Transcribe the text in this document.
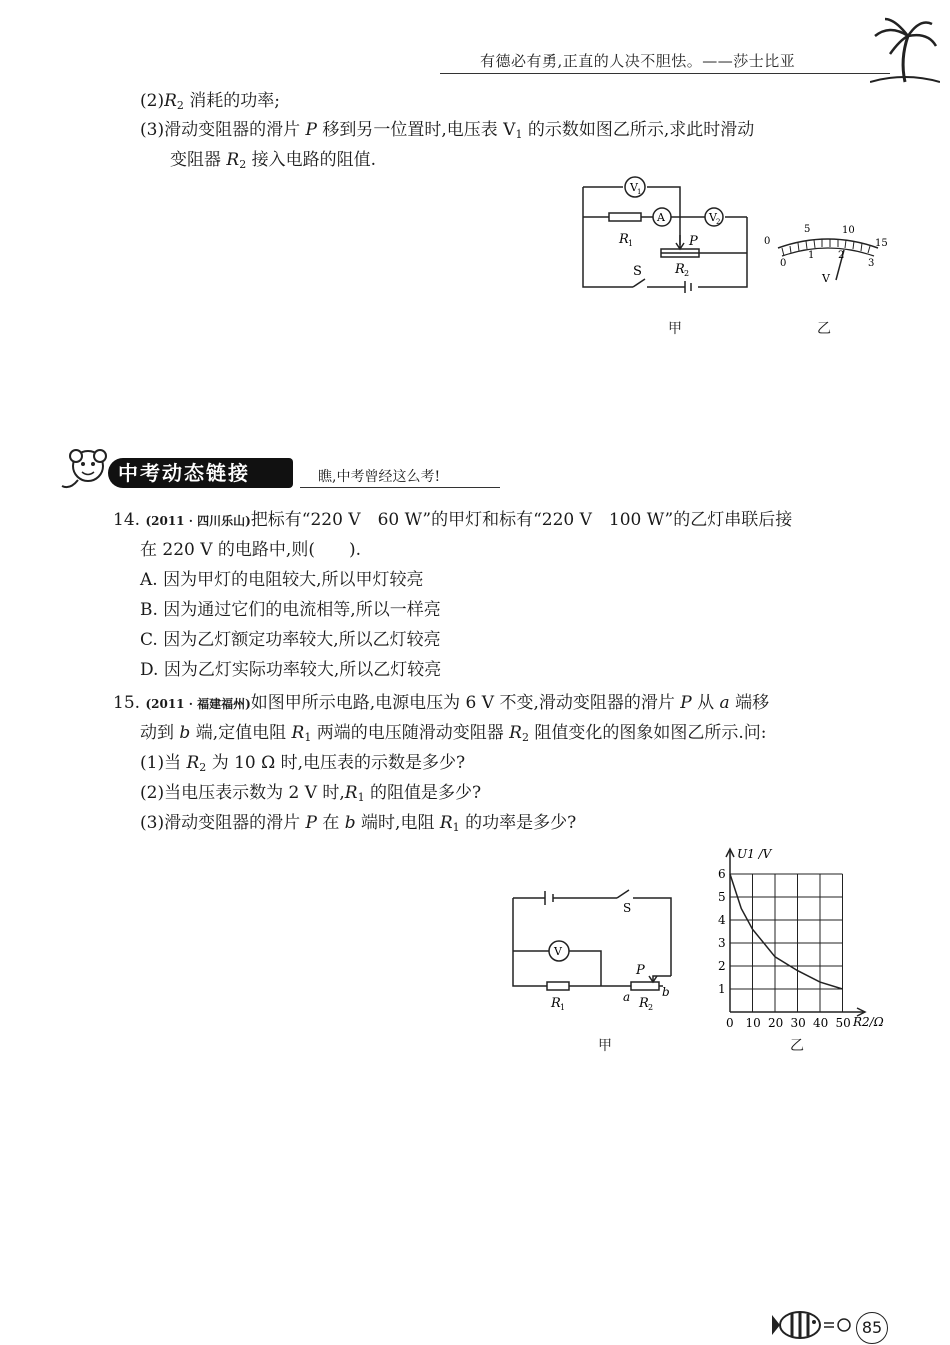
有德必有勇,正直的人决不胆怯。——莎士比亚
$(2)R_2$ 消耗的功率;
(3)滑动变阻器的滑片 P 移到另一位置时,电压表 $V_1$ 的示数如图乙所示,求此时滑动
变阻器 $R_2$ 接入电路的阻值.
V 1
A	V 2
R 1	P
R 2
S
0
5	10
15
0
1 2
3
V
甲	乙
中考动态链接	瞧,中考曾经这么考!
14. (2011 · 四川乐山)把标有“220 V　60 W”的甲灯和标有“220 V　100 W”的乙灯串联后接
在 220 V 的电路中,则(　　).
A. 因为甲灯的电阻较大,所以甲灯较亮
B. 因为通过它们的电流相等,所以一样亮
C. 因为乙灯额定功率较大,所以乙灯较亮
D. 因为乙灯实际功率较大,所以乙灯较亮
15. (2011 · 福建福州)如图甲所示电路,电源电压为 6 V 不变,滑动变阻器的滑片 P 从 a 端移
动到 b 端,定值电阻 $R_1$ 两端的电压随滑动变阻器 $R_2$ 阻值变化的图象如图乙所示.问:
(1)当 $R_2$ 为 10 Ω 时,电压表的示数是多少?
(2)当电压表示数为 2 V 时$,R_1$ 的阻值是多少?
(3)滑动变阻器的滑片 P 在 b 端时,电阻 $R_1$ 的功率是多少?
V
S
P
a	b
R 1	R 2
甲	乙
0 10 20 30 40 50
1
2
3
4
5
6
U1 /V
R2/Ω
85
